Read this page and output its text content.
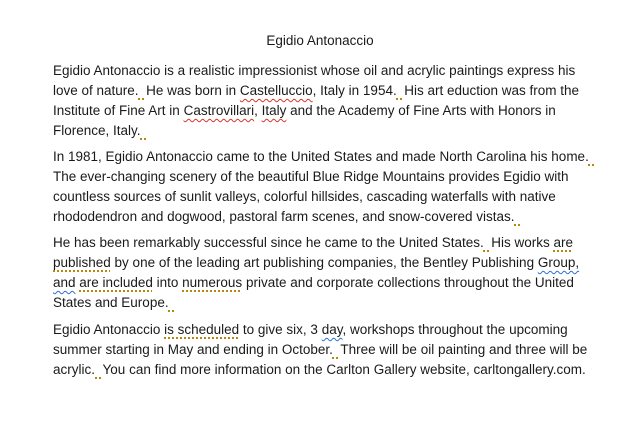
Egidio Antonaccio
Egidio Antonaccio is a realistic impressionist whose oil and acrylic paintings express his
love of nature. He was born in Castelluccio, Italy in 1954. His art eduction was from the
Institute of Fine Art in Castrovillari, Italy and the Academy of Fine Arts with Honors in
Florence, Italy.
In 1981, Egidio Antonaccio came to the United States and made North Carolina his home.
The ever-changing scenery of the beautiful Blue Ridge Mountains provides Egidio with
countless sources of sunlit valleys, colorful hillsides, cascading waterfalls with native
rhododendron and dogwood, pastoral farm scenes, and snow-covered vistas.
He has been remarkably successful since he came to the United States. His works are
published by one of the leading art publishing companies, the Bentley Publishing Group,
and are included into numerous private and corporate collections throughout the United
States and Europe.
Egidio Antonaccio is scheduled to give six, 3 day, workshops throughout the upcoming
summer starting in May and ending in October. Three will be oil painting and three will be
acrylic. You can find more information on the Carlton Gallery website, carltongallery.com.
